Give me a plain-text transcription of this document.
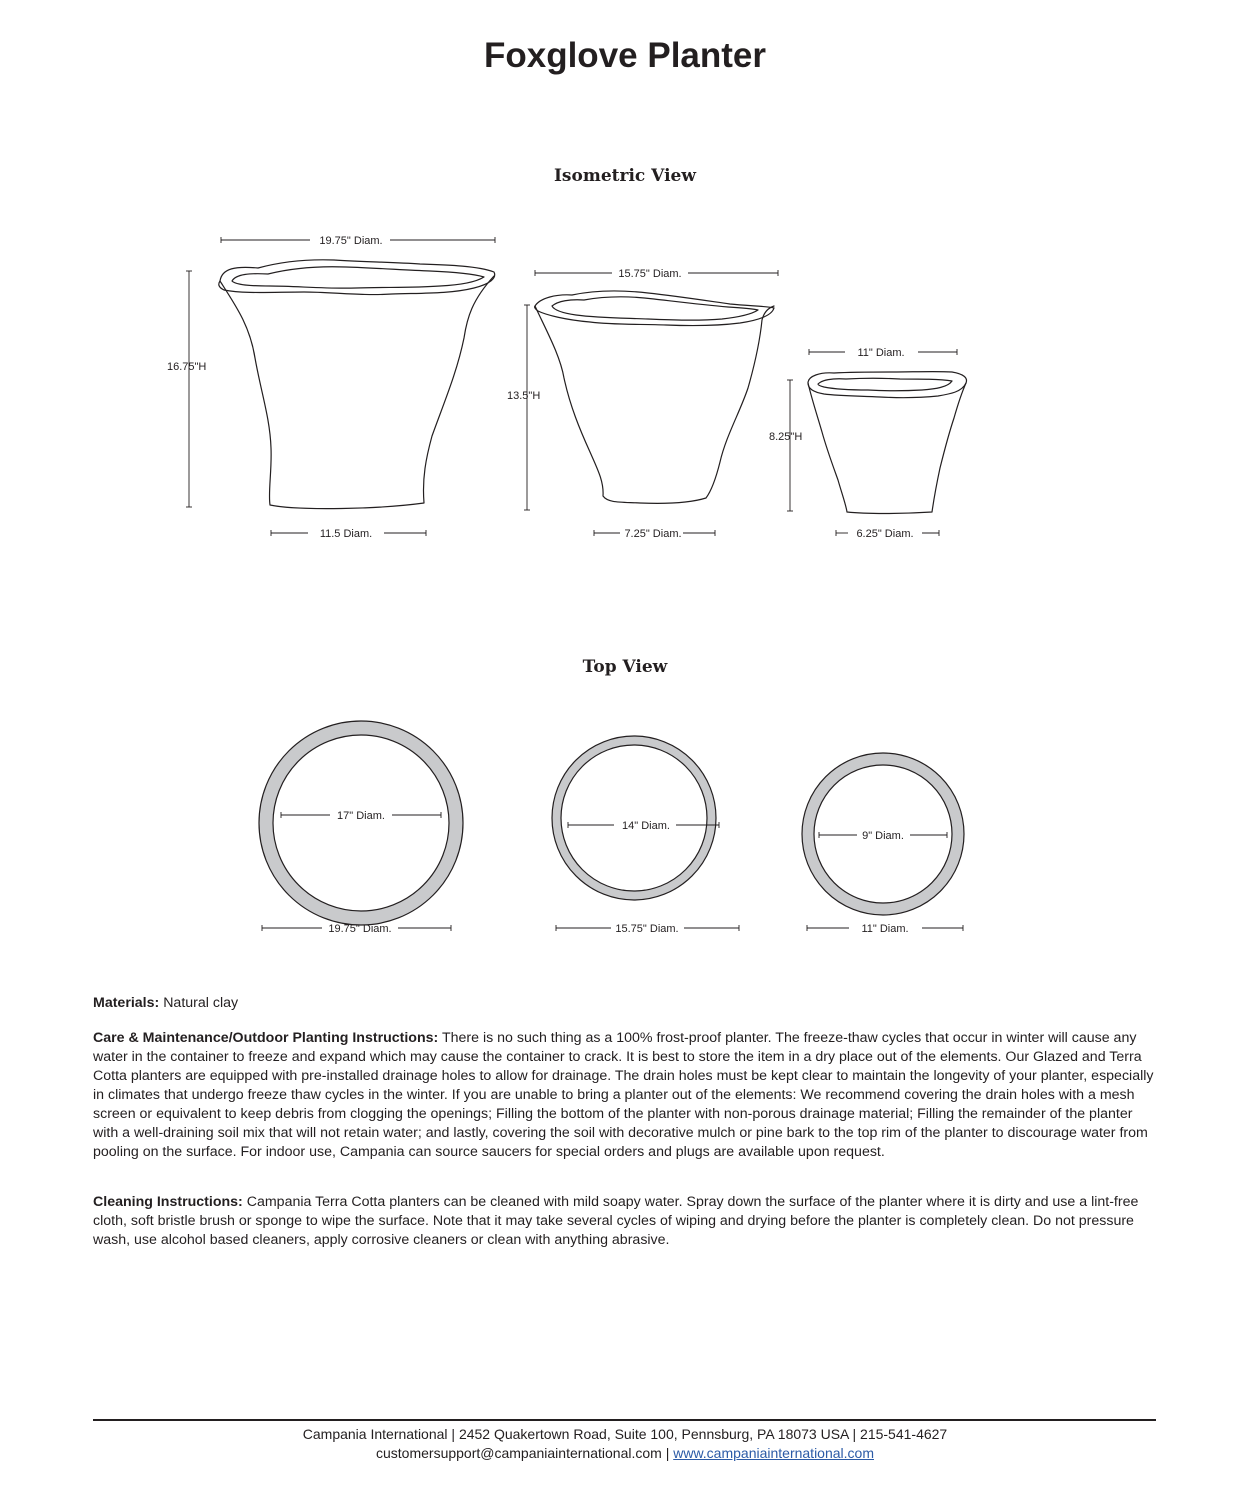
Foxglove Planter
Isometric View
Top View
19.75" Diam.
15.75" Diam.
11" Diam.
11.5 Diam.	7.25" Diam.	6.25" Diam.
16.75"H
13.5"H
8.25"H
17" Diam.
14" Diam.
9" Diam.
19.75" Diam.	15.75" Diam.	11" Diam.

Materials: Natural clay

Care & Maintenance/Outdoor Planting Instructions: There is no such thing as a 100% frost-proof planter. The freeze-thaw cycles that occur in winter will cause any water in the container to freeze and expand which may cause the container to crack. It is best to store the item in a dry place out of the elements. Our Glazed and Terra Cotta planters are equipped with pre-installed drainage holes to allow for drainage. The drain holes must be kept clear to maintain the longevity of your planter, especially in climates that undergo freeze thaw cycles in the winter. If you are unable to bring a planter out of the elements: We recommend covering the drain holes with a mesh screen or equivalent to keep debris from clogging the openings; Filling the bottom of the planter with non-porous drainage material; Filling the remainder of the planter with a well-draining soil mix that will not retain water; and lastly, covering the soil with decorative mulch or pine bark to the top rim of the planter to discourage water from pooling on the surface. For indoor use, Campania can source saucers for special orders and plugs are available upon request.

Cleaning Instructions: Campania Terra Cotta planters can be cleaned with mild soapy water. Spray down the surface of the planter where it is dirty and use a lint-free cloth, soft bristle brush or sponge to wipe the surface. Note that it may take several cycles of wiping and drying before the planter is completely clean. Do not pressure wash, use alcohol based cleaners, apply corrosive cleaners or clean with anything abrasive.

Campania International | 2452 Quakertown Road, Suite 100, Pennsburg, PA 18073 USA | 215-541-4627
customersupport@campaniainternational.com | www.campaniainternational.com
